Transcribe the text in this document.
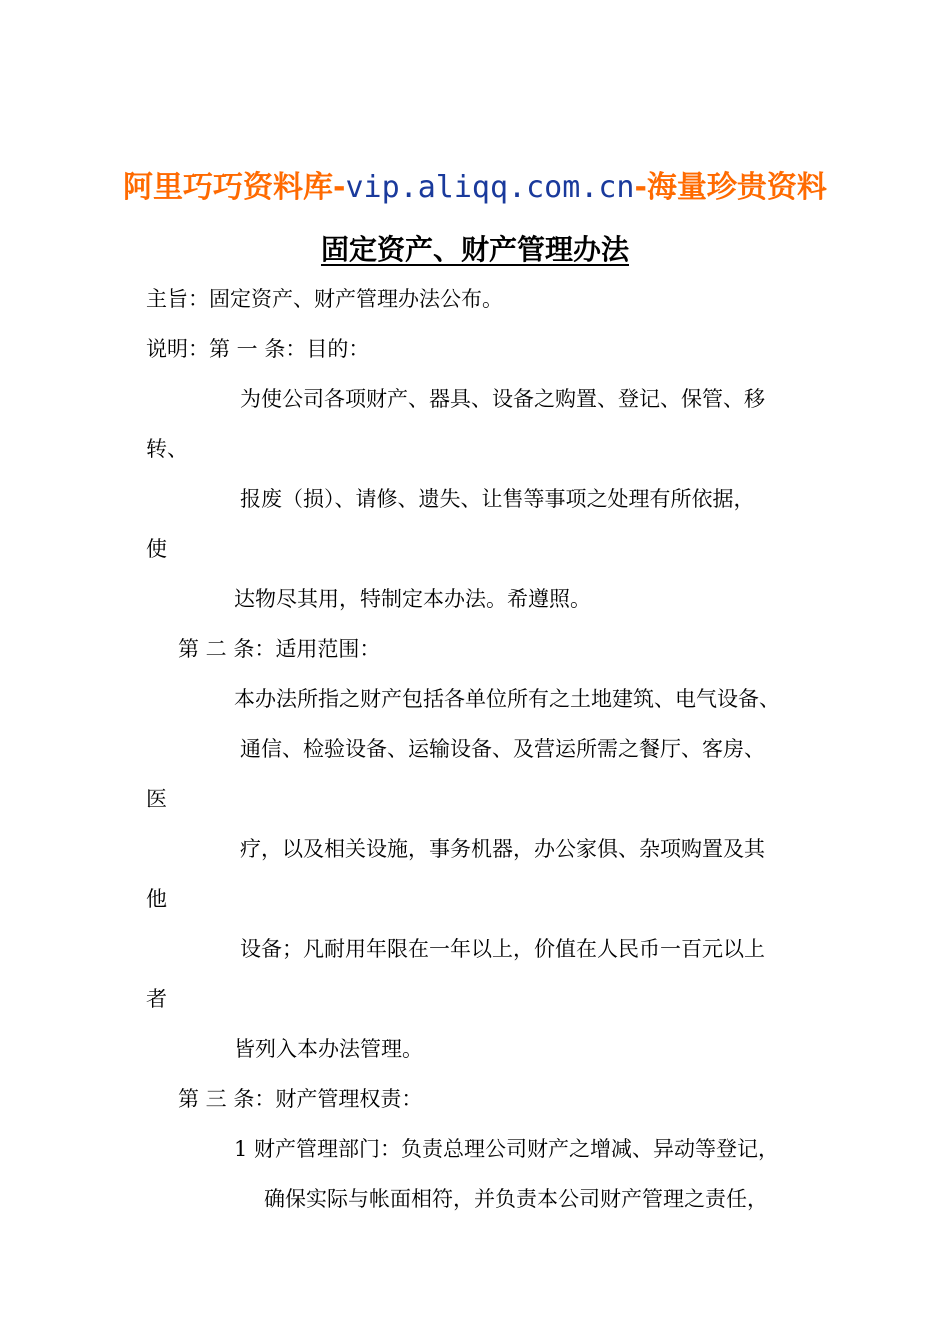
阿里巧巧资料库-vip.aliqq.com.cn-海量珍贵资料
固定资产、财产管理办法
主旨：固定资产、财产管理办法公布。
说明：第 一 条：目的：
为使公司各项财产、器具、设备之购置、登记、保管、移
转、
报废（损）、请修、遗失、让售等事项之处理有所依据，
使
达物尽其用，特制定本办法。希遵照。
第 二 条：适用范围：
本办法所指之财产包括各单位所有之土地建筑、电气设备、
通信、检验设备、运输设备、及营运所需之餐厅、客房、
医
疗，以及相关设施，事务机器，办公家俱、杂项购置及其
他
设备；凡耐用年限在一年以上，价值在人民币一百元以上
者
皆列入本办法管理。
第 三 条：财产管理权责：
1 财产管理部门：负责总理公司财产之增减、异动等登记，
确保实际与帐面相符，并负责本公司财产管理之责任，
